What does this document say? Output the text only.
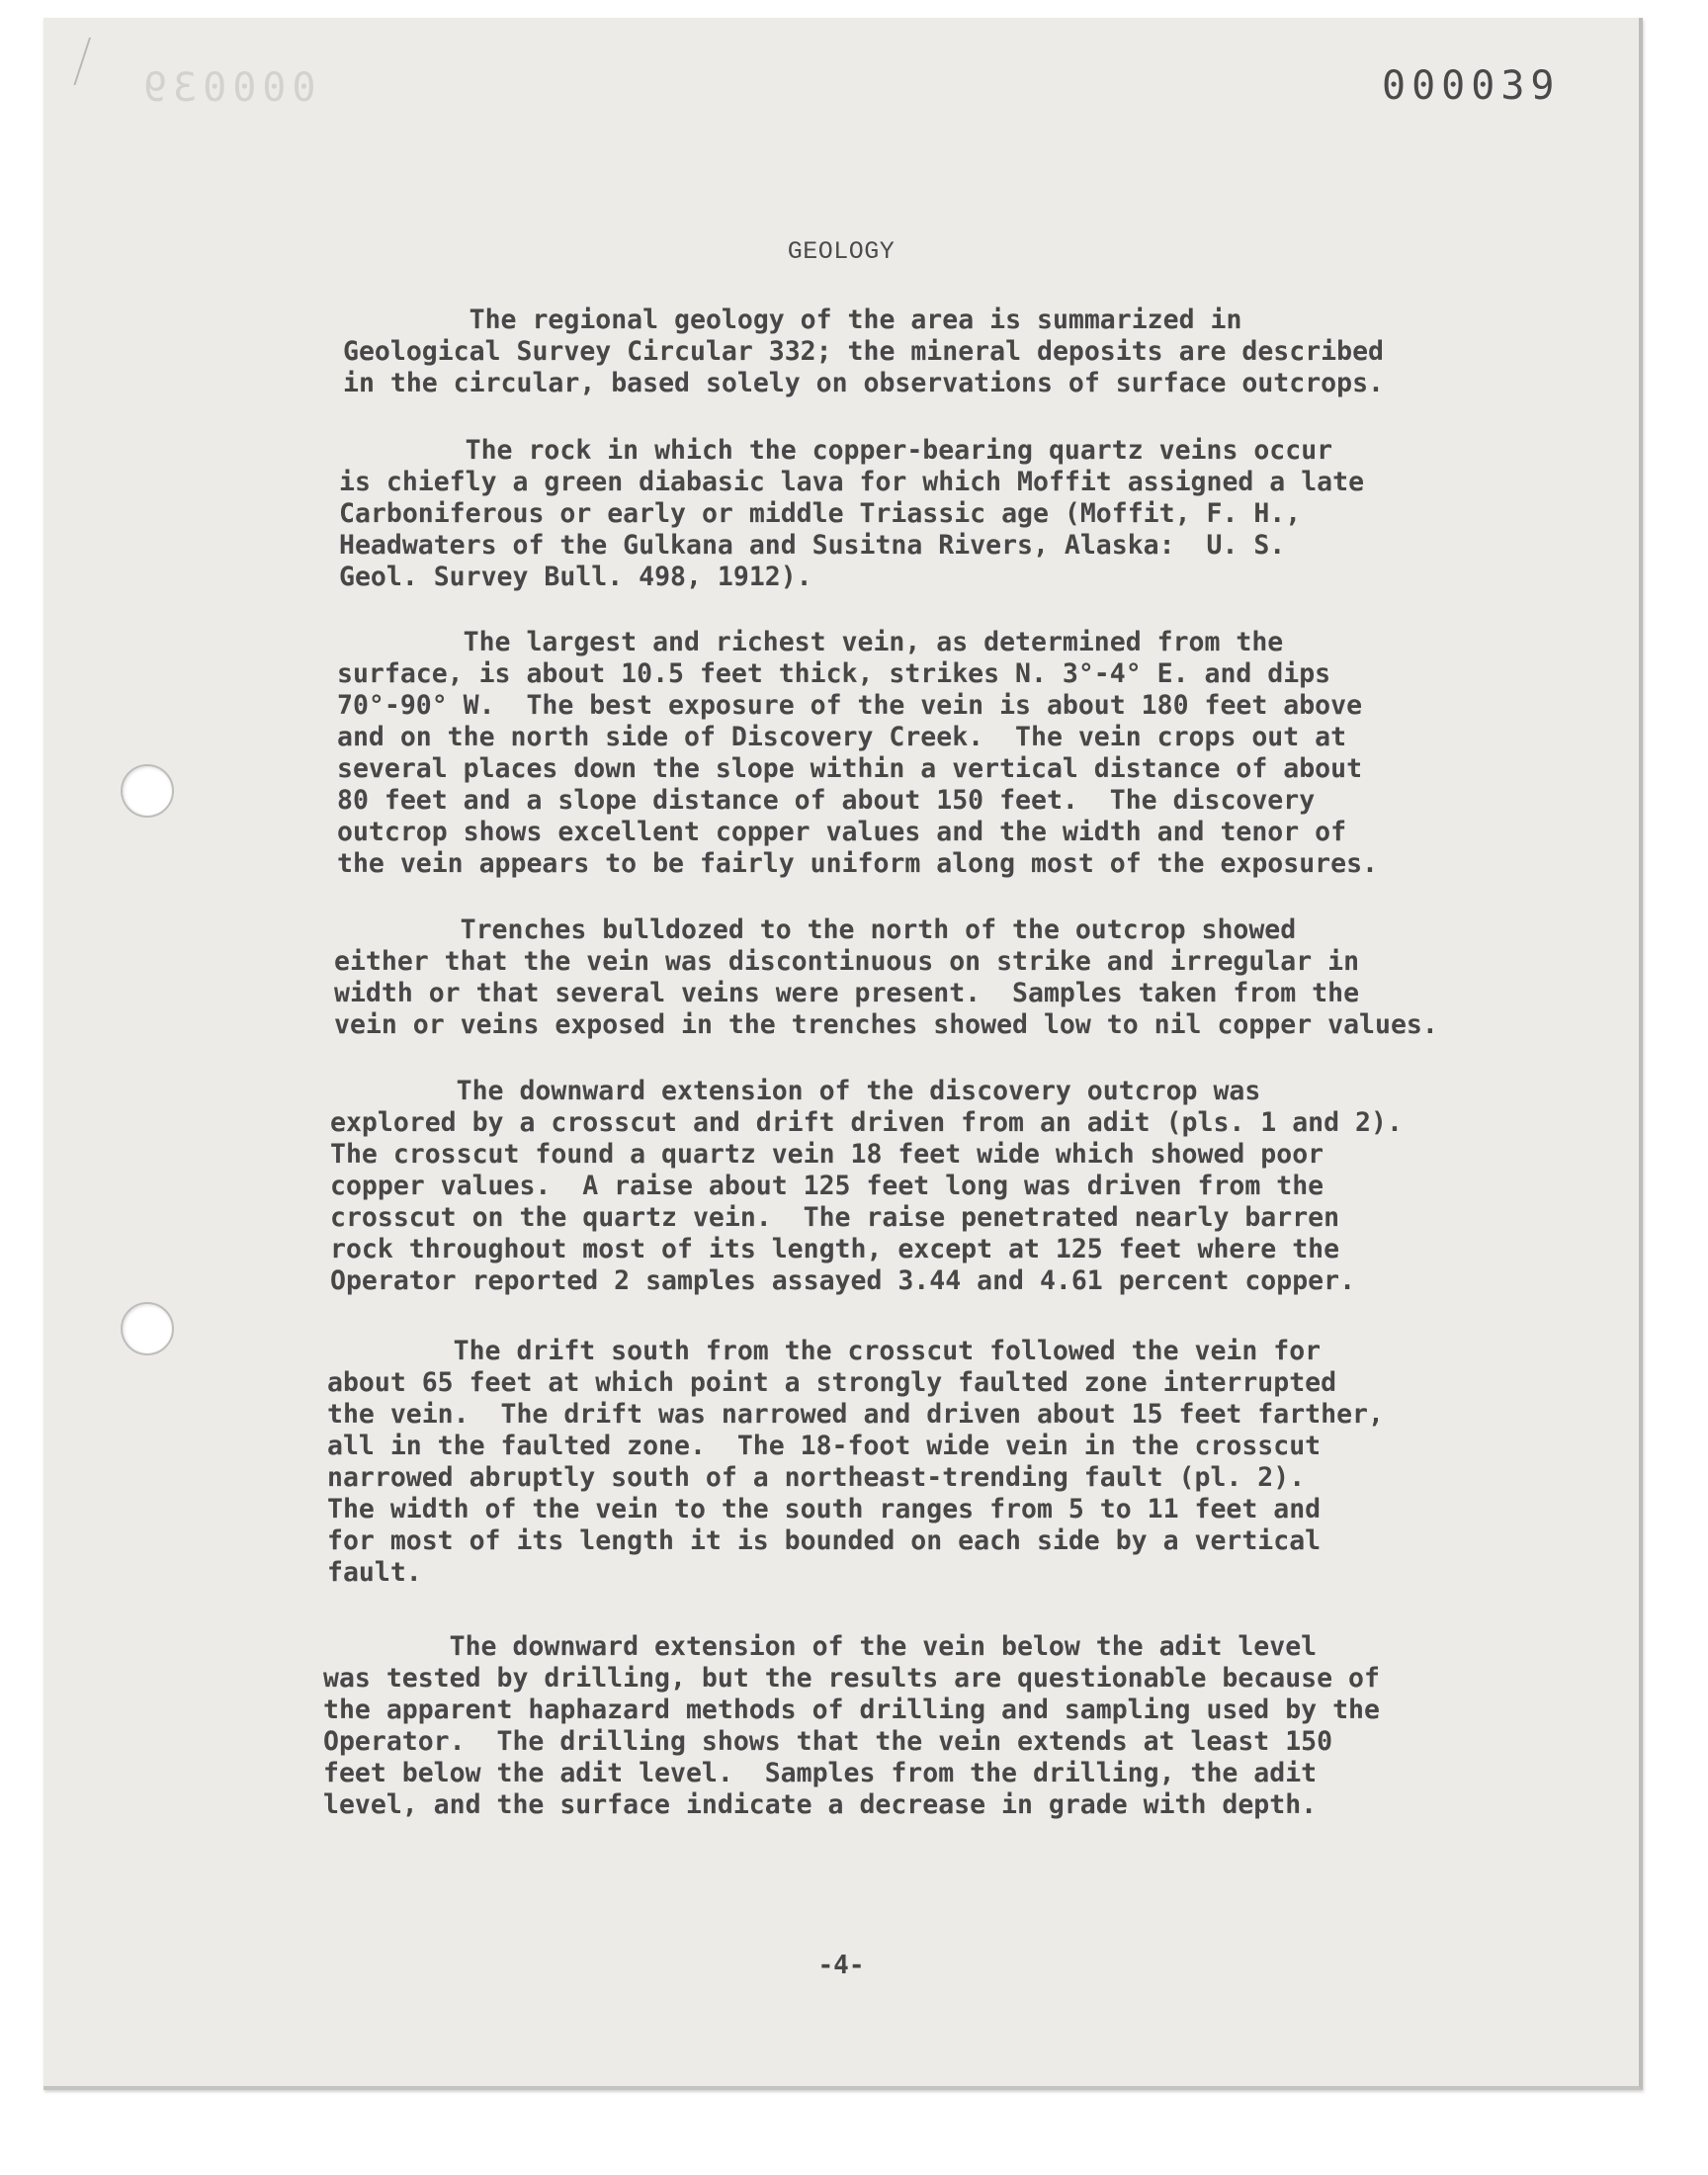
000039	000039
GEOLOGY
The regional geology of the area is summarized in
Geological Survey Circular 332; the mineral deposits are described
in the circular, based solely on observations of surface outcrops.
The rock in which the copper-bearing quartz veins occur
is chiefly a green diabasic lava for which Moffit assigned a late
Carboniferous or early or middle Triassic age (Moffit, F. H.,
Headwaters of the Gulkana and Susitna Rivers, Alaska:  U. S.
Geol. Survey Bull. 498, 1912).
The largest and richest vein, as determined from the
surface, is about 10.5 feet thick, strikes N. 3°-4° E. and dips
70°-90° W.  The best exposure of the vein is about 180 feet above
and on the north side of Discovery Creek.  The vein crops out at
several places down the slope within a vertical distance of about
80 feet and a slope distance of about 150 feet.  The discovery
outcrop shows excellent copper values and the width and tenor of
the vein appears to be fairly uniform along most of the exposures.
Trenches bulldozed to the north of the outcrop showed
either that the vein was discontinuous on strike and irregular in
width or that several veins were present.  Samples taken from the
vein or veins exposed in the trenches showed low to nil copper values.
The downward extension of the discovery outcrop was
explored by a crosscut and drift driven from an adit (pls. 1 and 2).
The crosscut found a quartz vein 18 feet wide which showed poor
copper values.  A raise about 125 feet long was driven from the
crosscut on the quartz vein.  The raise penetrated nearly barren
rock throughout most of its length, except at 125 feet where the
Operator reported 2 samples assayed 3.44 and 4.61 percent copper.
The drift south from the crosscut followed the vein for
about 65 feet at which point a strongly faulted zone interrupted
the vein.  The drift was narrowed and driven about 15 feet farther,
all in the faulted zone.  The 18-foot wide vein in the crosscut
narrowed abruptly south of a northeast-trending fault (pl. 2).
The width of the vein to the south ranges from 5 to 11 feet and
for most of its length it is bounded on each side by a vertical
fault.
The downward extension of the vein below the adit level
was tested by drilling, but the results are questionable because of
the apparent haphazard methods of drilling and sampling used by the
Operator.  The drilling shows that the vein extends at least 150
feet below the adit level.  Samples from the drilling, the adit
level, and the surface indicate a decrease in grade with depth.
-4-
